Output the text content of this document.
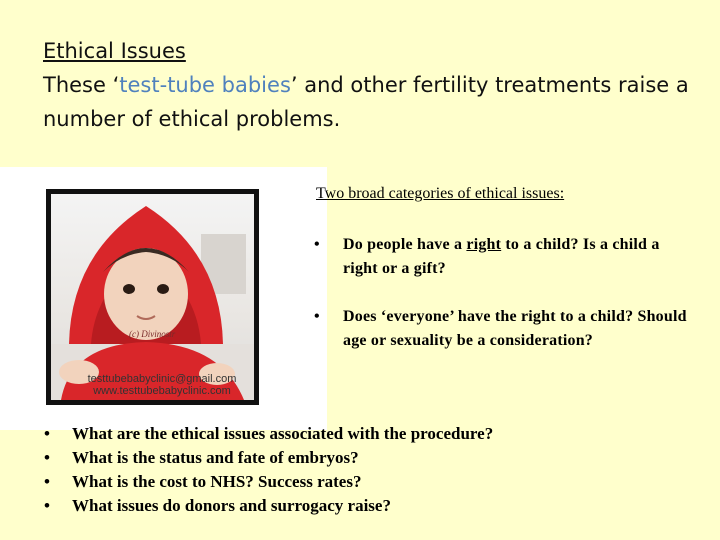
Ethical Issues
These ‘test-tube babies’ and other fertility treatments raise a number of ethical problems.
(c) Divinostr
testtubebabyclinic@gmail.com
www.testtubebabyclinic.com
Two broad categories of ethical issues:
• Do people have a right to a child? Is a child a right or a gift?
• Does ‘everyone’ have the right to a child? Should age or sexuality be a consideration?
• What are the ethical issues associated with the procedure?
• What is the status and fate of embryos?
• What is the cost to NHS? Success rates?
• What issues do donors and surrogacy raise?
